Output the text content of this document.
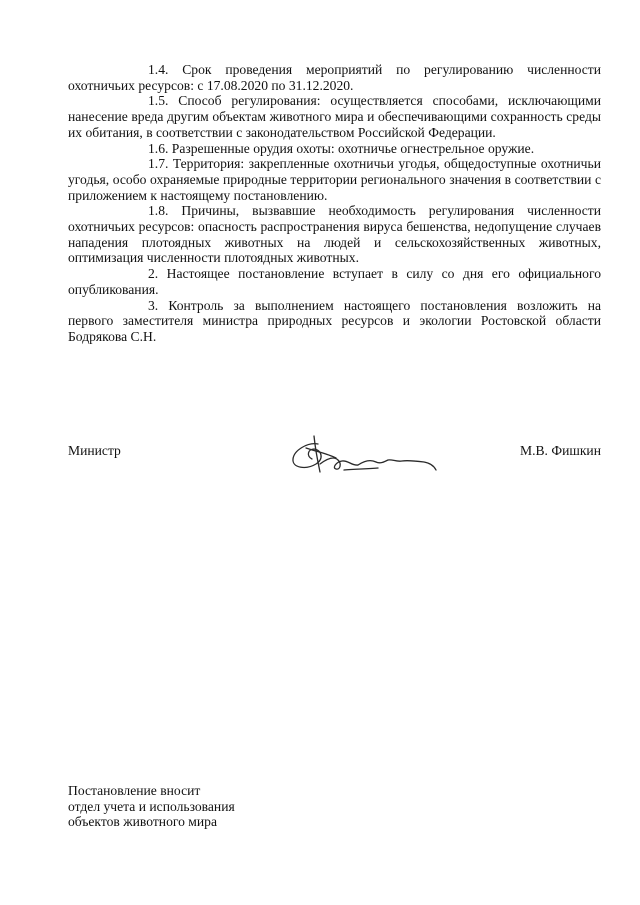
1.4. Срок проведения мероприятий по регулированию численности охотничьих ресурсов: с 17.08.2020 по 31.12.2020.

1.5. Способ регулирования: осуществляется способами, исключающими нанесение вреда другим объектам животного мира и обеспечивающими сохранность среды их обитания, в соответствии с законодательством Российской Федерации.

1.6. Разрешенные орудия охоты: охотничье огнестрельное оружие.

1.7. Территория: закрепленные охотничьи угодья, общедоступные охотничьи угодья, особо охраняемые природные территории регионального значения в соответствии с приложением к настоящему постановлению.

1.8. Причины, вызвавшие необходимость регулирования численности охотничьих ресурсов: опасность распространения вируса бешенства, недопущение случаев нападения плотоядных животных на людей и сельскохозяйственных животных, оптимизация численности плотоядных животных.

2. Настоящее постановление вступает в силу со дня его официального опубликования.

3. Контроль за выполнением настоящего постановления возложить на первого заместителя министра природных ресурсов и экологии Ростовской области Бодрякова С.Н.

Министр	М.В. Фишкин
Постановление вносит
отдел учета и использования
объектов животного мира
